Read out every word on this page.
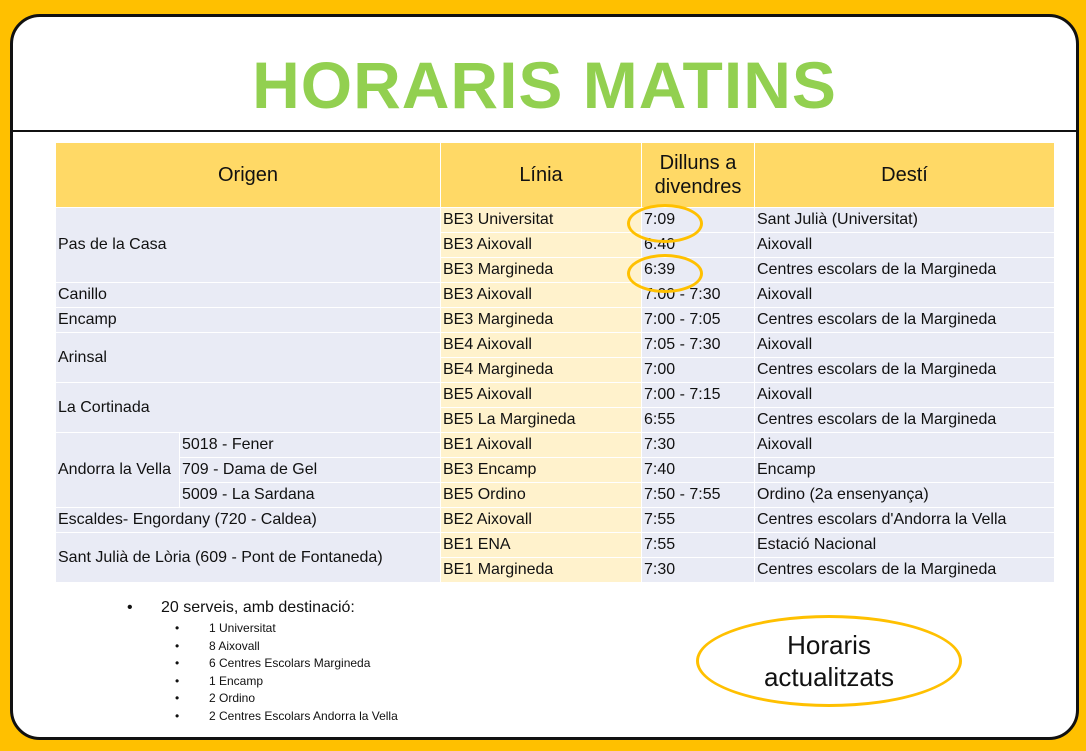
HORARIS MATINS
Origen		Línia	Dilluns a divendres	Destí
Pas de la Casa		BE3 Universitat	7:09	Sant Julià (Universitat)
		BE3 Aixovall	6:40	Aixovall
		BE3 Margineda	6:39	Centres escolars de la Margineda
Canillo		BE3 Aixovall	7:00 - 7:30	Aixovall
Encamp		BE3 Margineda	7:00 - 7:05	Centres escolars de la Margineda
Arinsal		BE4 Aixovall	7:05 - 7:30	Aixovall
		BE4 Margineda	7:00	Centres escolars de la Margineda
La Cortinada		BE5 Aixovall	7:00 - 7:15	Aixovall
		BE5 La Margineda	6:55	Centres escolars de la Margineda
Andorra la Vella	5018 - Fener	BE1 Aixovall	7:30	Aixovall
	709 - Dama de Gel	BE3 Encamp	7:40	Encamp
	5009 - La Sardana	BE5 Ordino	7:50 - 7:55	Ordino (2a ensenyança)
Escaldes- Engordany (720 - Caldea)		BE2 Aixovall	7:55	Centres escolars d'Andorra la Vella
Sant Julià de Lòria (609 - Pont de Fontaneda)		BE1 ENA	7:55	Estació Nacional
		BE1 Margineda	7:30	Centres escolars de la Margineda
•	20 serveis, amb destinació:
•	1 Universitat
•	8 Aixovall
•	6 Centres Escolars Margineda
•	1 Encamp
•	2 Ordino
•	2 Centres Escolars Andorra la Vella
Horaris
actualitzats
